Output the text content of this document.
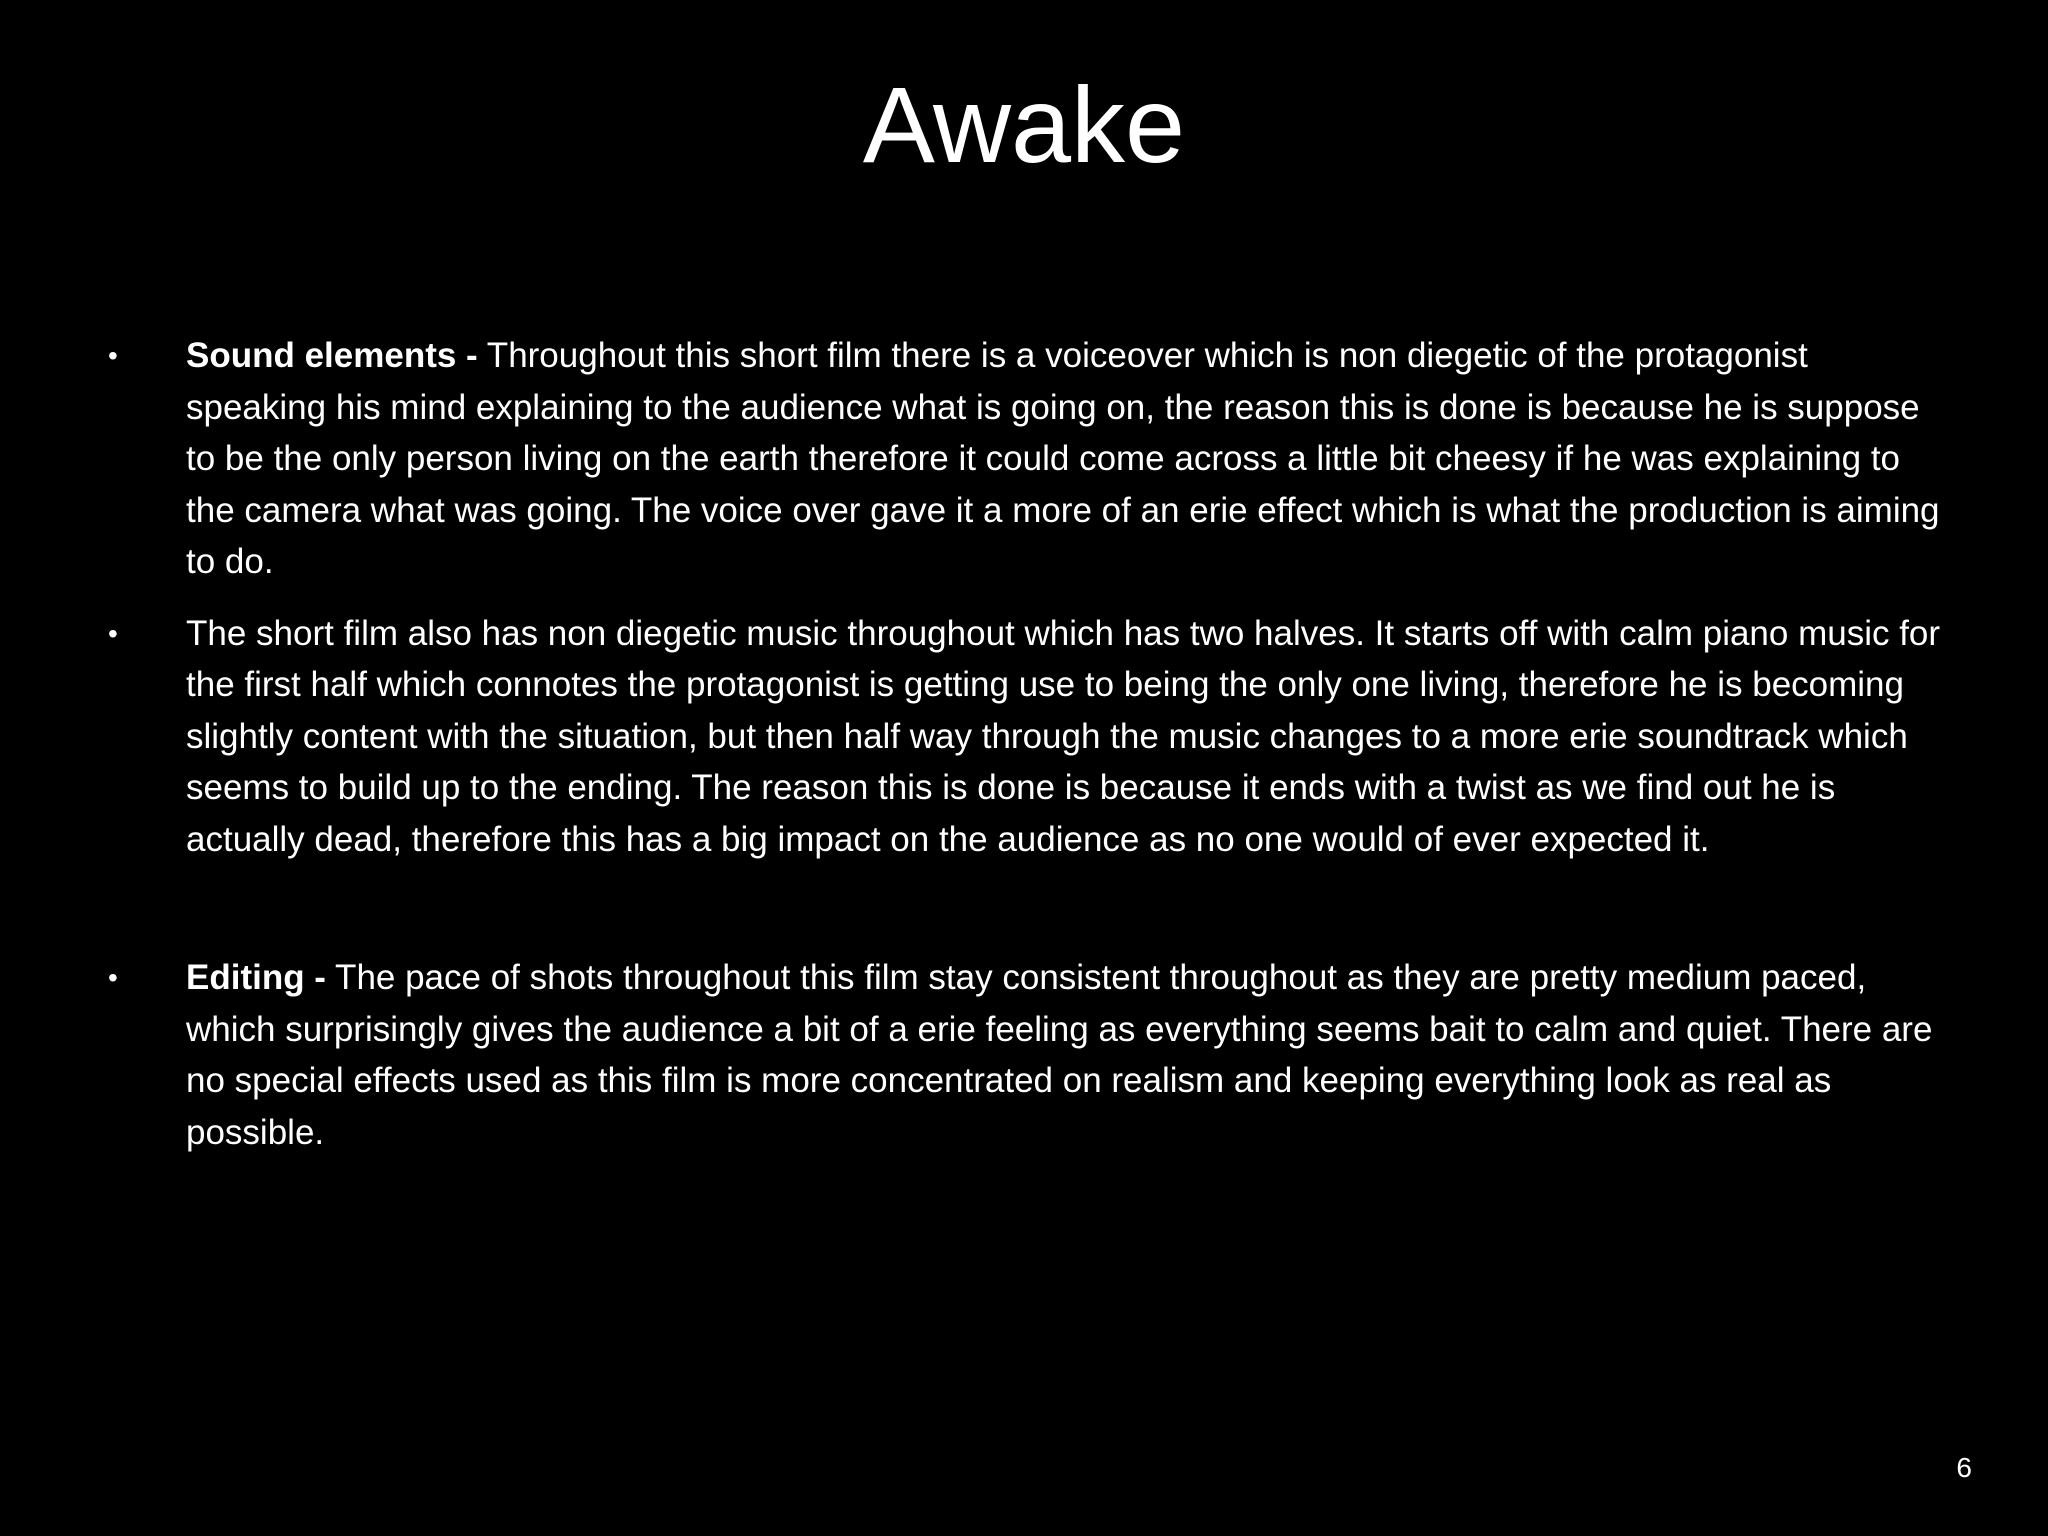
Awake
• Sound elements - Throughout this short film there is a voiceover which is non diegetic of the protagonist speaking his mind explaining to the audience what is going on, the reason this is done is because he is suppose to be the only person living on the earth therefore it could come across a little bit cheesy if he was explaining to the camera what was going. The voice over gave it a more of an erie effect which is what the production is aiming to do.
• The short film also has non diegetic music throughout which has two halves. It starts off with calm piano music for the first half which connotes the protagonist is getting use to being the only one living, therefore he is becoming slightly content with the situation, but then half way through the music changes to a more erie soundtrack which seems to build up to the ending. The reason this is done is because it ends with a twist as we find out he is actually dead, therefore this has a big impact on the audience as no one would of ever expected it.
• Editing - The pace of shots throughout this film stay consistent throughout as they are pretty medium paced, which surprisingly gives the audience a bit of a erie feeling as everything seems bait to calm and quiet. There are no special effects used as this film is more concentrated on realism and keeping everything look as real as possible.
6
